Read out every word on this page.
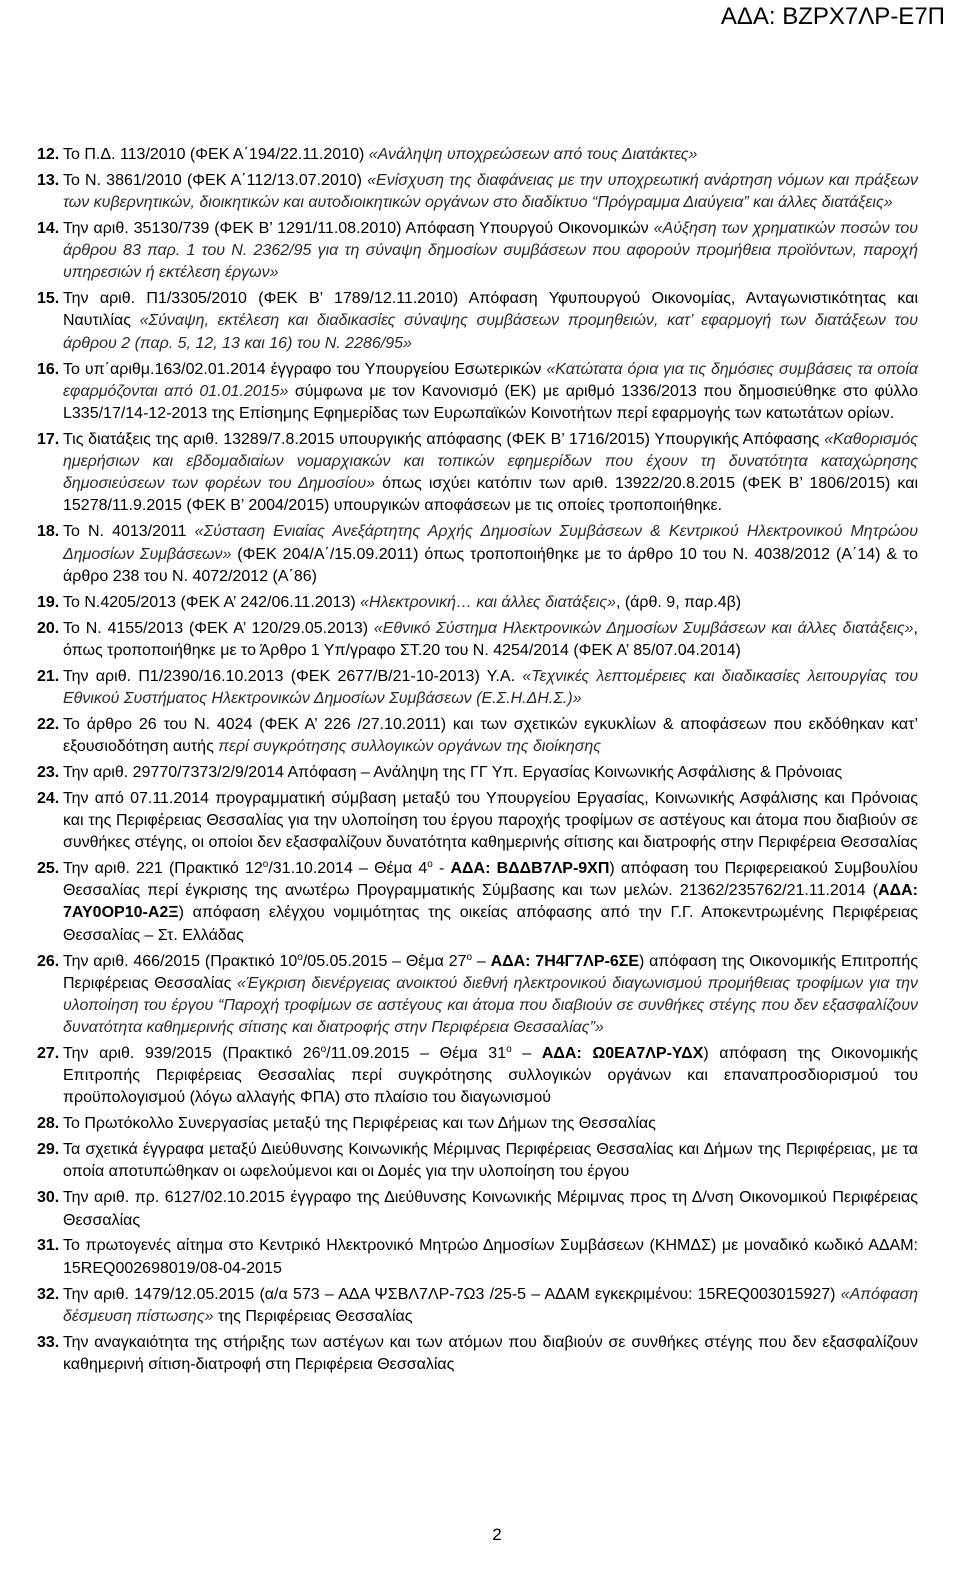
ΑΔΑ: ΒΖΡΧ7ΛΡ-Ε7Π
12. Το Π.Δ. 113/2010 (ΦΕΚ Α΄194/22.11.2010) «Ανάληψη υποχρεώσεων από τους Διατάκτες»
13. Το Ν. 3861/2010 (ΦΕΚ Α΄112/13.07.2010) «Ενίσχυση της διαφάνειας με την υποχρεωτική ανάρτηση νόμων και πράξεων των κυβερνητικών, διοικητικών και αυτοδιοικητικών οργάνων στο διαδίκτυο “Πρόγραμμα Διαύγεια” και άλλες διατάξεις»
14. Την αριθ. 35130/739 (ΦΕΚ Β’ 1291/11.08.2010) Απόφαση Υπουργού Οικονομικών «Αύξηση των χρηματικών ποσών του άρθρου 83 παρ. 1 του Ν. 2362/95 για τη σύναψη δημοσίων συμβάσεων που αφορούν προμήθεια προϊόντων, παροχή υπηρεσιών ή εκτέλεση έργων»
15. Την αριθ. Π1/3305/2010 (ΦΕΚ Β’ 1789/12.11.2010) Απόφαση Υφυπουργού Οικονομίας, Ανταγωνιστικότητας και Ναυτιλίας «Σύναψη, εκτέλεση και διαδικασίες σύναψης συμβάσεων προμηθειών, κατ’ εφαρμογή των διατάξεων του άρθρου 2 (παρ. 5, 12, 13 και 16) του Ν. 2286/95»
16. Το υπ΄αριθμ.163/02.01.2014 έγγραφο του Υπουργείου Εσωτερικών «Κατώτατα όρια για τις δημόσιες συμβάσεις τα οποία εφαρμόζονται από 01.01.2015» σύμφωνα με τον Κανονισμό (ΕΚ) με αριθμό 1336/2013 που δημοσιεύθηκε στο φύλλο L335/17/14-12-2013 της Επίσημης Εφημερίδας των Ευρωπαϊκών Κοινοτήτων περί εφαρμογής των κατωτάτων ορίων.
17. Τις διατάξεις της αριθ. 13289/7.8.2015 υπουργικής απόφασης (ΦΕΚ Β’ 1716/2015) Υπουργικής Απόφασης «Καθορισμός ημερήσιων και εβδομαδιαίων νομαρχιακών και τοπικών εφημερίδων που έχουν τη δυνατότητα καταχώρησης δημοσιεύσεων των φορέων του Δημοσίου» όπως ισχύει κατόπιν των αριθ. 13922/20.8.2015 (ΦΕΚ Β’ 1806/2015) και 15278/11.9.2015 (ΦΕΚ Β’ 2004/2015) υπουργικών αποφάσεων με τις οποίες τροποποιήθηκε.
18. Το Ν. 4013/2011 «Σύσταση Ενιαίας Ανεξάρτητης Αρχής Δημοσίων Συμβάσεων & Κεντρικού Ηλεκτρονικού Μητρώου Δημοσίων Συμβάσεων» (ΦΕΚ 204/Α΄/15.09.2011) όπως τροποποιήθηκε με το άρθρο 10 του Ν. 4038/2012 (Α΄14) & το άρθρο 238 του Ν. 4072/2012 (Α΄86)
19. Το Ν.4205/2013 (ΦΕΚ Α’ 242/06.11.2013) «Ηλεκτρονική… και άλλες διατάξεις», (άρθ. 9, παρ.4β)
20. Το Ν. 4155/2013 (ΦΕΚ Α’ 120/29.05.2013) «Εθνικό Σύστημα Ηλεκτρονικών Δημοσίων Συμβάσεων και άλλες διατάξεις», όπως τροποποιήθηκε με το Άρθρο 1 Υπ/γραφο ΣΤ.20 του Ν. 4254/2014 (ΦΕΚ Α’ 85/07.04.2014)
21. Την αριθ. Π1/2390/16.10.2013 (ΦΕΚ 2677/Β/21-10-2013) Υ.Α. «Τεχνικές λεπτομέρειες και διαδικασίες λειτουργίας του Εθνικού Συστήματος Ηλεκτρονικών Δημοσίων Συμβάσεων (Ε.Σ.Η.ΔΗ.Σ.)»
22. Το άρθρο 26 του Ν. 4024 (ΦΕΚ Α’ 226 /27.10.2011) και των σχετικών εγκυκλίων & αποφάσεων που εκδόθηκαν κατ’ εξουσιοδότηση αυτής περί συγκρότησης συλλογικών οργάνων της διοίκησης
23. Την αριθ. 29770/7373/2/9/2014 Απόφαση – Ανάληψη της ΓΓ Υπ. Εργασίας Κοινωνικής Ασφάλισης & Πρόνοιας
24. Την από 07.11.2014 προγραμματική σύμβαση μεταξύ του Υπουργείου Εργασίας, Κοινωνικής Ασφάλισης και Πρόνοιας και της Περιφέρειας Θεσσαλίας για την υλοποίηση του έργου παροχής τροφίμων σε αστέγους και άτομα που διαβιούν σε συνθήκες στέγης, οι οποίοι δεν εξασφαλίζουν δυνατότητα καθημερινής σίτισης και διατροφής στην Περιφέρεια Θεσσαλίας
25. Την αριθ. 221 (Πρακτικό $12^o/31.10.2014$ – Θέμα $4^o$ - ΑΔΑ: ΒΔΔΒ7ΛΡ-9ΧΠ) απόφαση του Περιφερειακού Συμβουλίου Θεσσαλίας περί έγκρισης της ανωτέρω Προγραμματικής Σύμβασης και των μελών. 21362/235762/21.11.2014 (ΑΔΑ: 7ΑΥ0ΟΡ10-Α2Ξ) απόφαση ελέγχου νομιμότητας της οικείας απόφασης από την Γ.Γ. Αποκεντρωμένης Περιφέρειας Θεσσαλίας – Στ. Ελλάδας
26. Την αριθ. 466/2015 (Πρακτικό $10^o/05.05.2015$ – Θέμα $27^o$ – ΑΔΑ: 7Η4Γ7ΛΡ-6ΣΕ) απόφαση της Οικονομικής Επιτροπής Περιφέρειας Θεσσαλίας «Έγκριση διενέργειας ανοικτού διεθνή ηλεκτρονικού διαγωνισμού προμήθειας τροφίμων για την υλοποίηση του έργου “Παροχή τροφίμων σε αστέγους και άτομα που διαβιούν σε συνθήκες στέγης που δεν εξασφαλίζουν δυνατότητα καθημερινής σίτισης και διατροφής στην Περιφέρεια Θεσσαλίας”»
27. Την αριθ. 939/2015 (Πρακτικό $26^o/11.09.2015$ – Θέμα $31^o$ – ΑΔΑ: Ω0ΕΑ7ΛΡ-ΥΔΧ) απόφαση της Οικονομικής Επιτροπής Περιφέρειας Θεσσαλίας περί συγκρότησης συλλογικών οργάνων και επαναπροσδιορισμού του προϋπολογισμού (λόγω αλλαγής ΦΠΑ) στο πλαίσιο του διαγωνισμού
28. Το Πρωτόκολλο Συνεργασίας μεταξύ της Περιφέρειας και των Δήμων της Θεσσαλίας
29. Τα σχετικά έγγραφα μεταξύ Διεύθυνσης Κοινωνικής Μέριμνας Περιφέρειας Θεσσαλίας και Δήμων της Περιφέρειας, με τα οποία αποτυπώθηκαν οι ωφελούμενοι και οι Δομές για την υλοποίηση του έργου
30. Την αριθ. πρ. 6127/02.10.2015 έγγραφο της Διεύθυνσης Κοινωνικής Μέριμνας προς τη Δ/νση Οικονομικού Περιφέρειας Θεσσαλίας
31. Το πρωτογενές αίτημα στο Κεντρικό Ηλεκτρονικό Μητρώο Δημοσίων Συμβάσεων (ΚΗΜΔΣ) με μοναδικό κωδικό ΑΔΑΜ: 15REQ002698019/08-04-2015
32. Την αριθ. 1479/12.05.2015 (α/α 573 – ΑΔΑ ΨΣΒΛ7ΛΡ-7Ω3 /25-5 – ΑΔΑΜ εγκεκριμένου: 15REQ003015927) «Απόφαση δέσμευση πίστωσης» της Περιφέρειας Θεσσαλίας
33. Την αναγκαιότητα της στήριξης των αστέγων και των ατόμων που διαβιούν σε συνθήκες στέγης που δεν εξασφαλίζουν καθημερινή σίτιση-διατροφή στη Περιφέρεια Θεσσαλίας
2
